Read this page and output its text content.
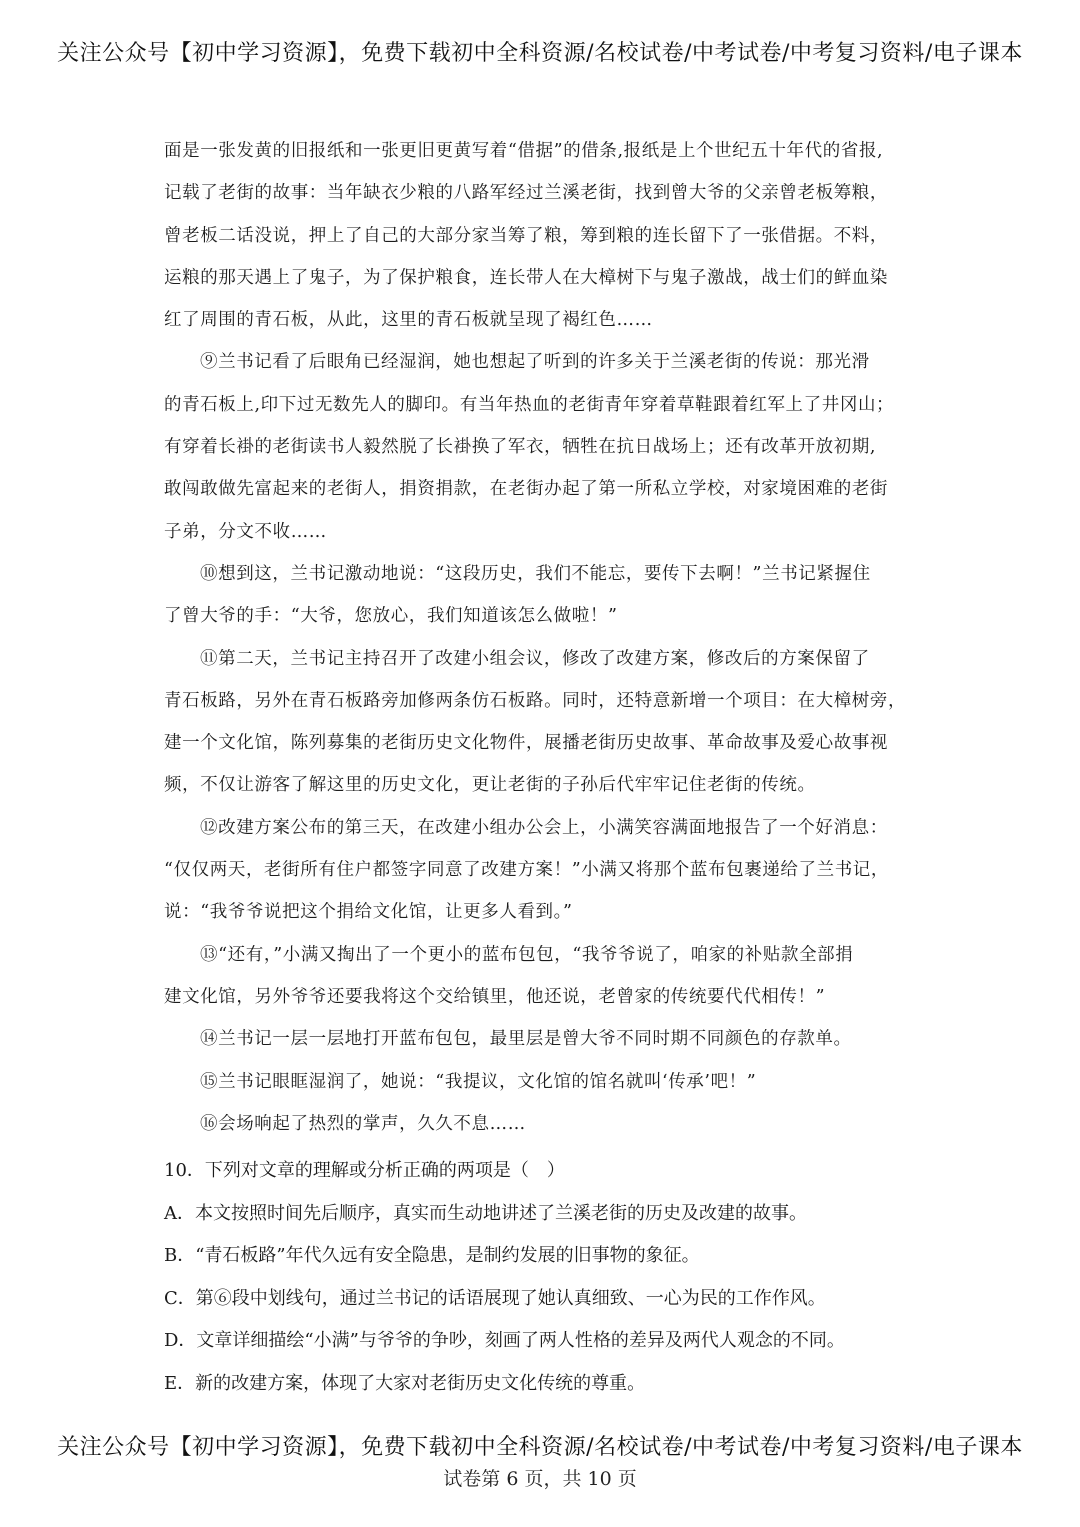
关注公众号【初中学习资源】，免费下载初中全科资源/名校试卷/中考试卷/中考复习资料/电子课本
面是一张发黄的旧报纸和一张更旧更黄写着“借据”的借条,报纸是上个世纪五十年代的省报,
记载了老街的故事：当年缺衣少粮的八路军经过兰溪老街，找到曾大爷的父亲曾老板筹粮，
曾老板二话没说，押上了自己的大部分家当筹了粮，筹到粮的连长留下了一张借据。不料，
运粮的那天遇上了鬼子，为了保护粮食，连长带人在大樟树下与鬼子激战，战士们的鲜血染
红了周围的青石板，从此，这里的青石板就呈现了褐红色……
⑨兰书记看了后眼角已经湿润，她也想起了听到的许多关于兰溪老街的传说：那光滑
的青石板上,印下过无数先人的脚印。有当年热血的老街青年穿着草鞋跟着红军上了井冈山；
有穿着长褂的老街读书人毅然脱了长褂换了军衣，牺牲在抗日战场上；还有改革开放初期,
敢闯敢做先富起来的老街人，捐资捐款，在老街办起了第一所私立学校，对家境困难的老街
子弟，分文不收……
⑩想到这，兰书记激动地说：“这段历史，我们不能忘，要传下去啊！”兰书记紧握住
了曾大爷的手：“大爷，您放心，我们知道该怎么做啦！”
⑪第二天，兰书记主持召开了改建小组会议，修改了改建方案，修改后的方案保留了
青石板路，另外在青石板路旁加修两条仿石板路。同时，还特意新增一个项目：在大樟树旁，
建一个文化馆，陈列募集的老街历史文化物件，展播老街历史故事、革命故事及爱心故事视
频，不仅让游客了解这里的历史文化，更让老街的子孙后代牢牢记住老街的传统。
⑫改建方案公布的第三天，在改建小组办公会上，小满笑容满面地报告了一个好消息：
“仅仅两天，老街所有住户都签字同意了改建方案！”小满又将那个蓝布包裹递给了兰书记，
说：“我爷爷说把这个捐给文化馆，让更多人看到。”
⑬“还有，”小满又掏出了一个更小的蓝布包包，“我爷爷说了，咱家的补贴款全部捐
建文化馆，另外爷爷还要我将这个交给镇里，他还说，老曾家的传统要代代相传！”
⑭兰书记一层一层地打开蓝布包包，最里层是曾大爷不同时期不同颜色的存款单。
⑮兰书记眼眶湿润了，她说：“我提议，文化馆的馆名就叫‘传承’吧！”
⑯会场响起了热烈的掌声，久久不息……
10．下列对文章的理解或分析正确的两项是（　）
A．本文按照时间先后顺序，真实而生动地讲述了兰溪老街的历史及改建的故事。
B．“青石板路”年代久远有安全隐患，是制约发展的旧事物的象征。
C．第⑥段中划线句，通过兰书记的话语展现了她认真细致、一心为民的工作作风。
D．文章详细描绘“小满”与爷爷的争吵，刻画了两人性格的差异及两代人观念的不同。
E．新的改建方案，体现了大家对老街历史文化传统的尊重。
关注公众号【初中学习资源】，免费下载初中全科资源/名校试卷/中考试卷/中考复习资料/电子课本
试卷第 6 页，共 10 页
